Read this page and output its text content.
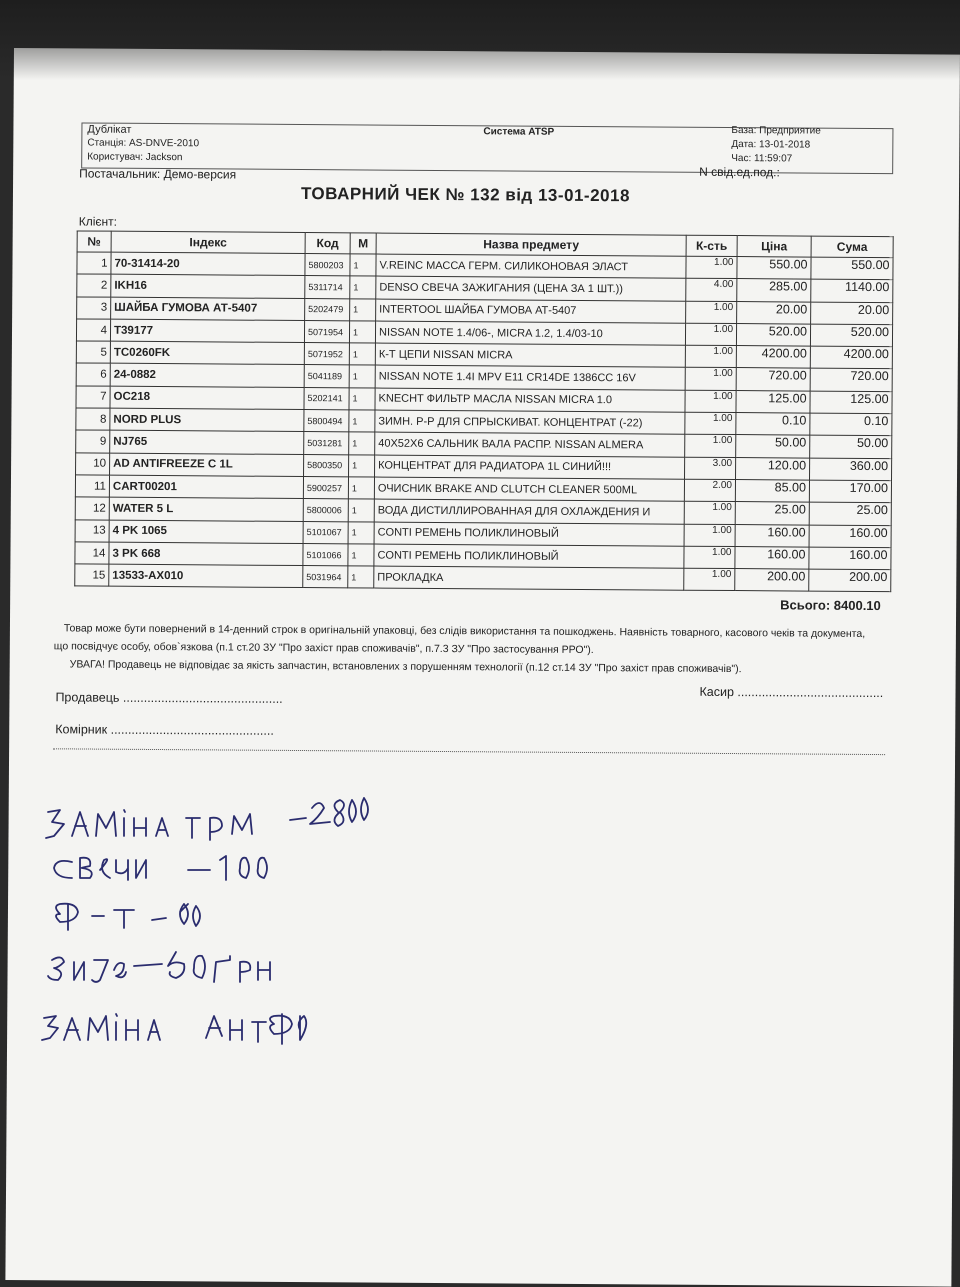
Дублікат
Станція: AS-DNVE-2010
Користувач: Jackson
Система ATSP	База: Предприятие
Дата: 13-01-2018
Час: 11:59:07
Постачальник: Демо-версия	N свід.ед.под.:
ТОВАРНИЙ ЧЕК № 132 від 13-01-2018
Клієнт:
№	Індекс	Код	М	Назва предмету	К-сть	Ціна	Сума
1	70-31414-20	5800203	1	V.REINC МАССА ГЕРМ. СИЛИКОНОВАЯ ЭЛАСТ	1.00	550.00	550.00
2	IKH16	5311714	1	DENSO СВЕЧА ЗАЖИГАНИЯ (ЦЕНА ЗА 1 ШТ.))	4.00	285.00	1140.00
3	ШАЙБА ГУМОВА АТ-5407	5202479	1	INTERTOOL ШАЙБА ГУМОВА АТ-5407	1.00	20.00	20.00
4	T39177	5071954	1	NISSAN NOTE 1.4/06-, MICRA 1.2, 1.4/03-10	1.00	520.00	520.00
5	TC0260FK	5071952	1	К-Т ЦЕПИ NISSAN MICRA	1.00	4200.00	4200.00
6	24-0882	5041189	1	NISSAN NOTE 1.4I MPV E11 CR14DE 1386CC 16V	1.00	720.00	720.00
7	OC218	5202141	1	KNECHT ФИЛЬТР МАСЛА NISSAN MICRA 1.0	1.00	125.00	125.00
8	NORD PLUS	5800494	1	ЗИМН. Р-Р ДЛЯ СПРЫСКИВАТ. КОНЦЕНТРАТ (-22)	1.00	0.10	0.10
9	NJ765	5031281	1	40X52X6 САЛЬНИК ВАЛА РАСПР. NISSAN ALMERA	1.00	50.00	50.00
10	AD ANTIFREEZE C 1L	5800350	1	КОНЦЕНТРАТ ДЛЯ РАДИАТОРА 1L СИНИЙ!!!	3.00	120.00	360.00
11	CART00201	5900257	1	ОЧИСНИК BRAKE AND CLUTCH CLEANER 500ML	2.00	85.00	170.00
12	WATER 5 L	5800006	1	ВОДА ДИСТИЛЛИРОВАННАЯ ДЛЯ ОХЛАЖДЕНИЯ И	1.00	25.00	25.00
13	4 PK 1065	5101067	1	CONTI РЕМЕНЬ ПОЛИКЛИНОВЫЙ	1.00	160.00	160.00
14	3 PK 668	5101066	1	CONTI РЕМЕНЬ ПОЛИКЛИНОВЫЙ	1.00	160.00	160.00
15	13533-AX010	5031964	1	ПРОКЛАДКА	1.00	200.00	200.00
Всього: 8400.10
Товар може бути повернений в 14-денний строк в оригінальній упаковці, без слідів використання та пошкоджень. Наявність товарного, касового чеків та документа,
що посвідчує особу, обов`язкова (п.1 ст.20 ЗУ "Про захіст прав споживачів", п.7.3 ЗУ "Про застосування РРО").
УВАГА! Продавець не відповідає за якість запчастин, встановлених з порушенням технології (п.12 ст.14 ЗУ "Про захіст прав споживачів").
Продавець ..............................................	Касир ..........................................
Комірник ...............................................
